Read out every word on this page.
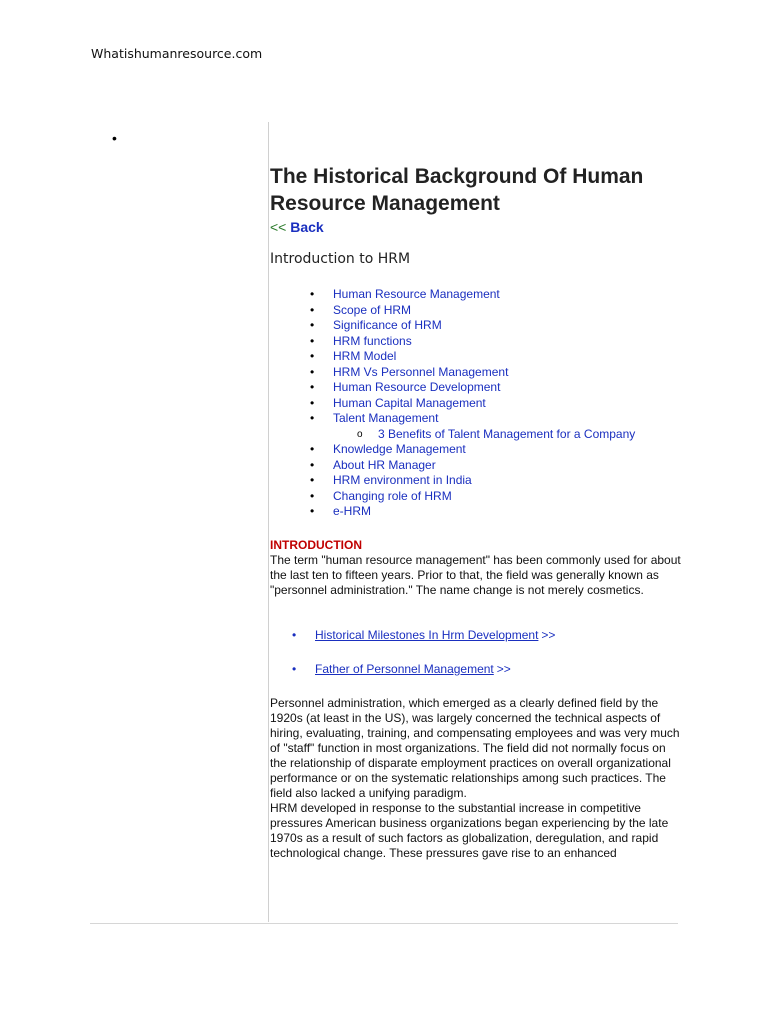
Whatishumanresource.com
•
The Historical Background Of Human Resource Management
<< Back
Introduction to HRM
• Human Resource Management
• Scope of HRM
• Significance of HRM
• HRM functions
• HRM Model
• HRM Vs Personnel Management
• Human Resource Development
• Human Capital Management
• Talent Management
o 3 Benefits of Talent Management for a Company
• Knowledge Management
• About HR Manager
• HRM environment in India
• Changing role of HRM
• e-HRM
INTRODUCTION

The term "human resource management" has been commonly used for about the last ten to fifteen years. Prior to that, the field was generally known as "personnel administration." The name change is not merely cosmetics.

• Historical Milestones In Hrm Development >>
• Father of Personnel Management >>

Personnel administration, which emerged as a clearly defined field by the 1920s (at least in the US), was largely concerned the technical aspects of hiring, evaluating, training, and compensating employees and was very much of "staff" function in most organizations. The field did not normally focus on the relationship of disparate employment practices on overall organizational performance or on the systematic relationships among such practices. The field also lacked a unifying paradigm.

HRM developed in response to the substantial increase in competitive pressures American business organizations began experiencing by the late 1970s as a result of such factors as globalization, deregulation, and rapid technological change. These pressures gave rise to an enhanced
